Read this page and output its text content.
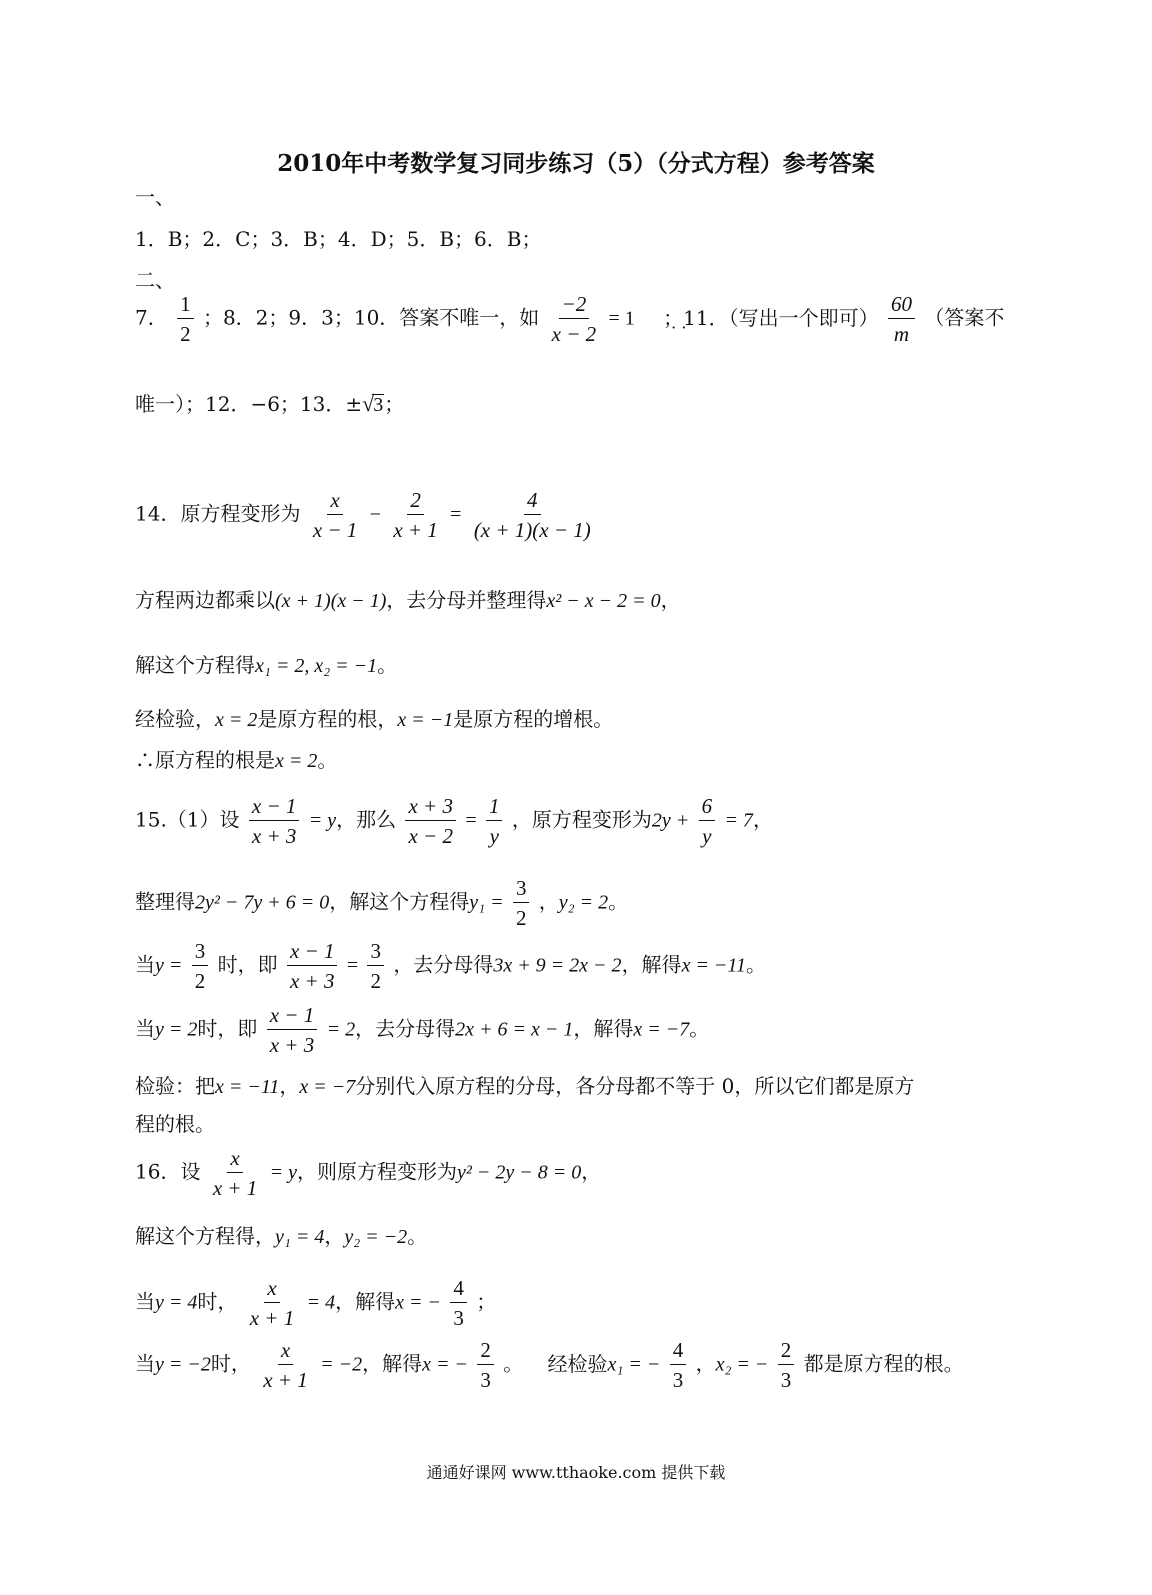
2010年中考数学复习同步练习（5）（分式方程）参考答案
一、
1．B；2．C；3．B；4．D；5．B；6．B；
二、
7． $\frac{1}{2}$ ；8．2；9．3；10．答案不唯一，如 $\frac{-2}{x - 2} = 1$ ；11．（写出一个即可） · · $\frac{60}{m}$ （答案不
唯一）；12．−6；13．±√3；
14．原方程变形为 $\frac{x}{x - 1} - \frac{2}{x + 1} = \frac{4}{(x + 1)(x - 1)}$
方程两边都乘以(x + 1)(x − 1)，去分母并整理得x² − x − 2 = 0，
解这个方程得x₁ = 2, x₂ = −1。
经检验，x = 2是原方程的根，x = −1是原方程的增根。
∴原方程的根是x = 2。
15.（1）设 $\frac{x - 1}{x + 3} = y$，那么 $\frac{x + 3}{x - 2} = \frac{1}{y}$ ，原方程变形为$2y + \frac{6}{y} = 7$，
整理得2y² − 7y + 6 = 0，解这个方程得$y_1 = \frac{3}{2}$ ，y₂ = 2。
当$y = \frac{3}{2}$ 时，即 $\frac{x - 1}{x + 3} = \frac{3}{2}$ ，去分母得3x + 9 = 2x − 2，解得x = −11。
当y = 2时，即 $\frac{x - 1}{x + 3} = 2$，去分母得2x + 6 = x − 1，解得x = −7。
检验：把x = −11，x = −7分别代入原方程的分母，各分母都不等于 0，所以它们都是原方
程的根。
16．设 $\frac{x}{x + 1} = y$，则原方程变形为y² − 2y − 8 = 0，
解这个方程得，y₁ = 4，y₂ = −2。
当y = 4时， $\frac{x}{x + 1} = 4$，解得x = − $\frac{4}{3}$ ；
当y = −2时， $\frac{x}{x + 1} = -2$，解得x = − $\frac{2}{3}$ 。 经检验x₁ = − $\frac{4}{3}$ ，x₂ = − $\frac{2}{3}$ 都是原方程的根。
通通好课网 www.tthaoke.com 提供下载
